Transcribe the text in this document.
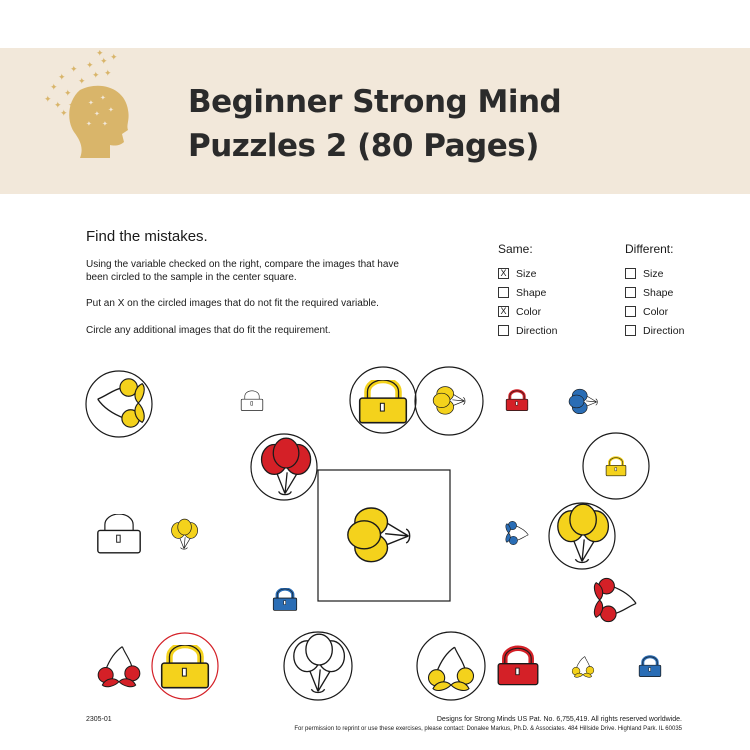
✦
✦
✦
✦
✦
✦
✦
✦
✦
✦
✦
✦
✦
✦
✦
✦
✦
✦
✦
✦ ✦
Beginner Strong Mind
Puzzles 2 (80 Pages)
Find the mistakes.

Using the variable checked on the right, compare the images that have been circled to the sample in the center square.

Put an X on the circled images that do not fit the required variable.

Circle any additional images that do fit the requirement.

Same:	Different:
X Size
Shape
X Color
Direction
Size
Shape
Color
Direction
2305-01	Designs for Strong Minds US Pat. No. 6,755,419. All rights reserved worldwide.
For permission to reprint or use these exercises, please contact: Donalee Markus, Ph.D. & Associates. 484 Hillside Drive. Highland Park. IL 60035
